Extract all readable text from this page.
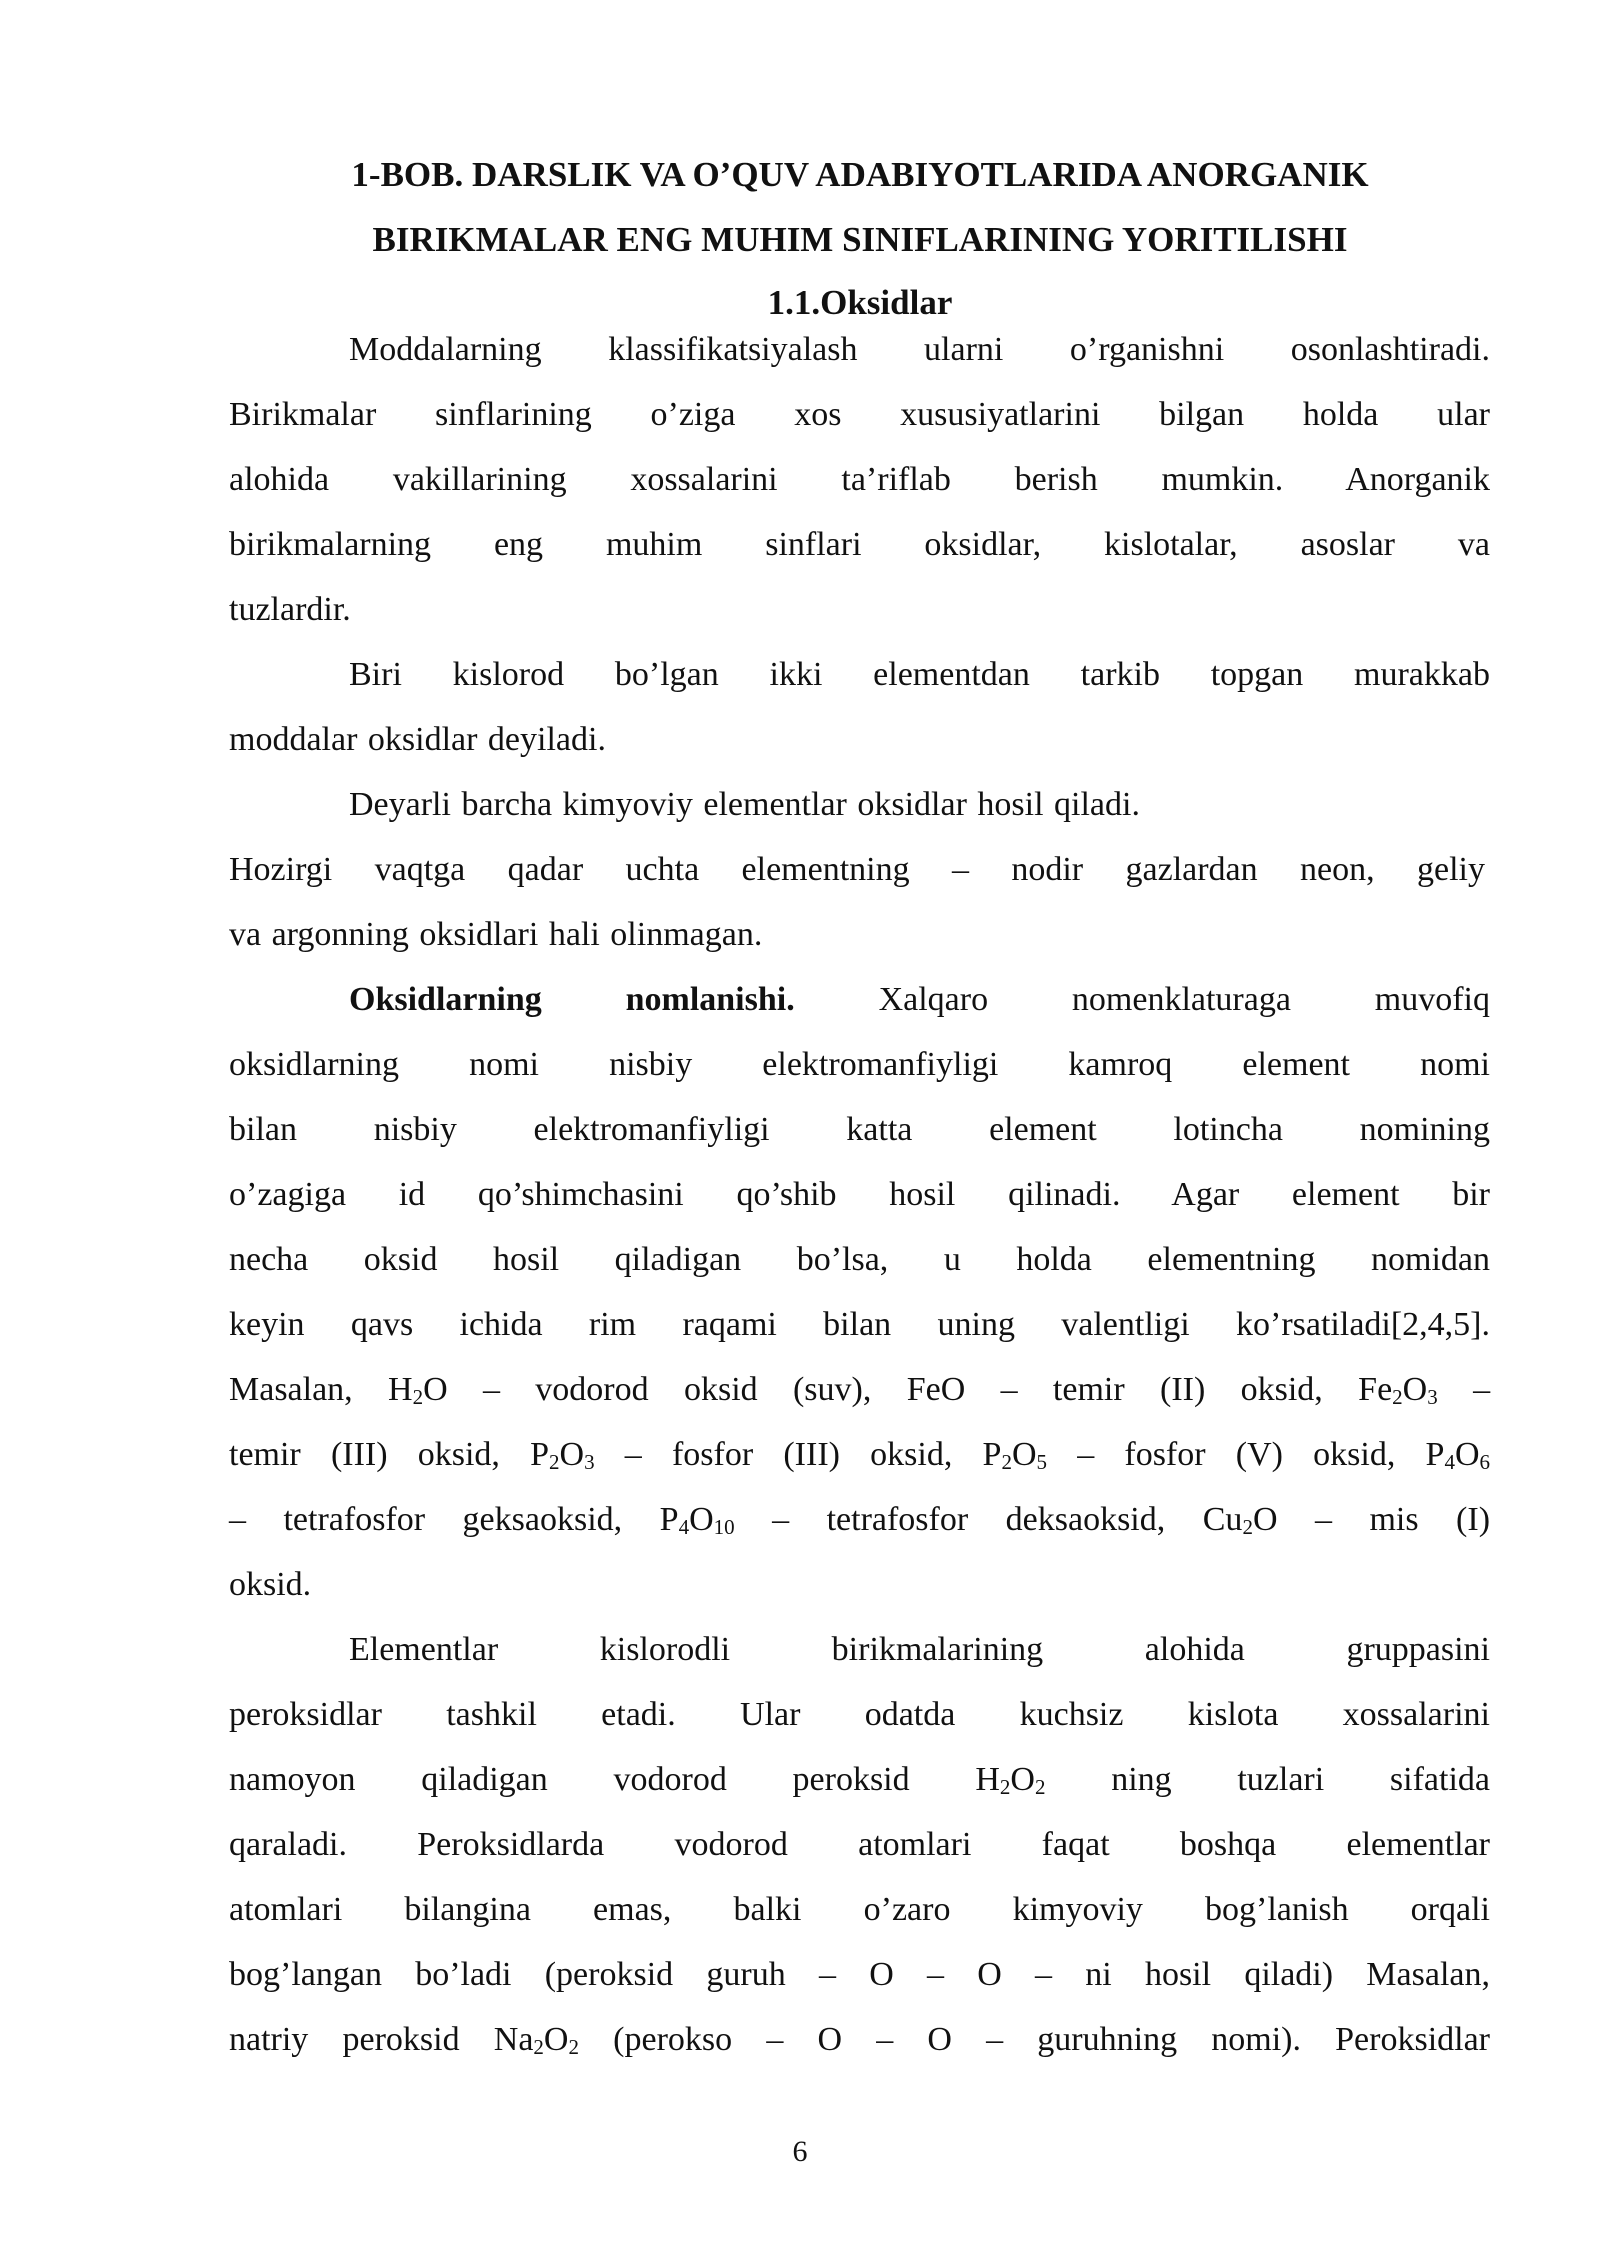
1-BOB. DARSLIK VA O’QUV ADABIYOTLARIDA ANORGANIK
BIRIKMALAR ENG MUHIM SINIFLARINING YORITILISHI
1.1.Oksidlar
Moddalarning klassifikatsiyalash ularni o’rganishni osonlashtiradi.
Birikmalar sinflarining o’ziga xos xususiyatlarini bilgan holda ular
alohida vakillarining xossalarini ta’riflab berish mumkin. Anorganik
birikmalarning eng muhim sinflari oksidlar, kislotalar, asoslar va
tuzlardir.
Biri kislorod bo’lgan ikki elementdan tarkib topgan murakkab
moddalar oksidlar deyiladi.
Deyarli barcha kimyoviy elementlar oksidlar hosil qiladi.
Hozirgi vaqtga qadar uchta elementning – nodir gazlardan neon, geliy
va argonning oksidlari hali olinmagan.
Oksidlarning nomlanishi. Xalqaro nomenklaturaga muvofiq
oksidlarning nomi nisbiy elektromanfiyligi kamroq element nomi
bilan nisbiy elektromanfiyligi katta element lotincha nomining
o’zagiga id qo’shimchasini qo’shib hosil qilinadi. Agar element bir
necha oksid hosil qiladigan bo’lsa, u holda elementning nomidan
keyin qavs ichida rim raqami bilan uning valentligi ko’rsatiladi[2,4,5].
Masalan, $H_2O$ – vodorod oksid (suv), FeO – temir (II) oksid, $Fe_2O_3$ –
temir (III) oksid, $P_2O_3$ – fosfor (III) oksid, $P_2O_5$ – fosfor (V) oksid, $P_4O_6$
– tetrafosfor geksaoksid, $P_4O_{10}$ – tetrafosfor deksaoksid, $Cu_2O$ – mis (I)
oksid.
Elementlar kislorodli birikmalarining alohida gruppasini
peroksidlar tashkil etadi. Ular odatda kuchsiz kislota xossalarini
namoyon qiladigan vodorod peroksid $H_2O_2$ ning tuzlari sifatida
qaraladi. Peroksidlarda vodorod atomlari faqat boshqa elementlar
atomlari bilangina emas, balki o’zaro kimyoviy bog’lanish orqali
bog’langan bo’ladi (peroksid guruh – O – O – ni hosil qiladi) Masalan,
natriy peroksid $Na_2O_2$ (perokso – O – O – guruhning nomi). Peroksidlar
6
